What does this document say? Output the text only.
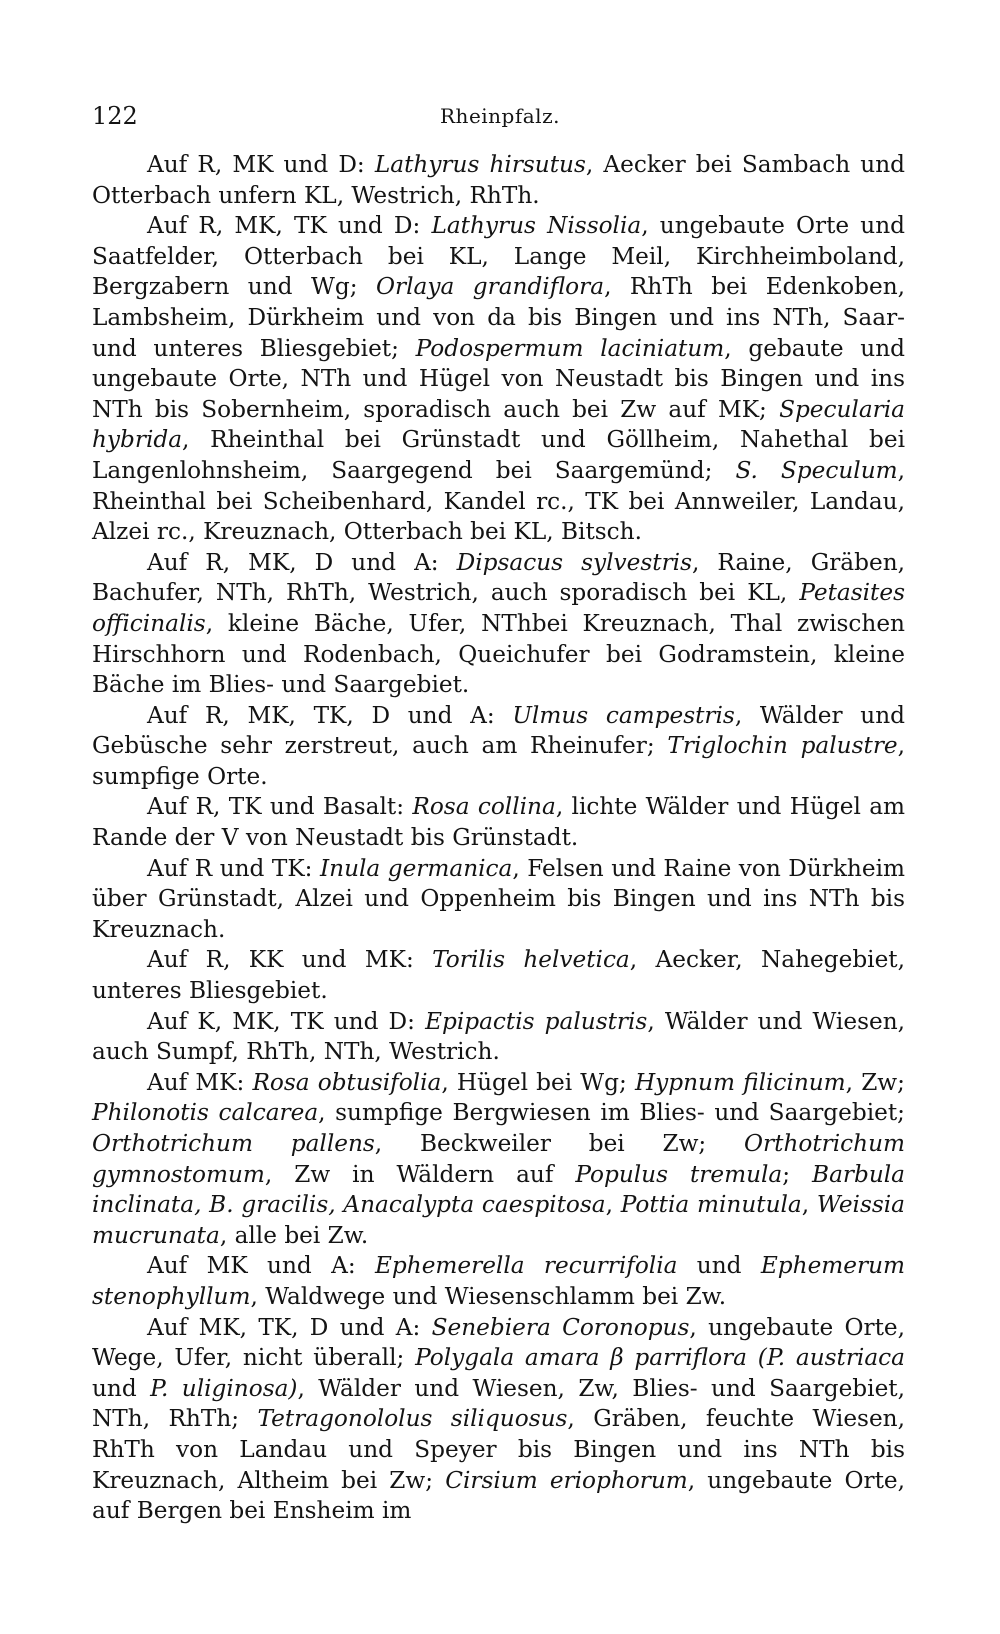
122	Rheinpfalz.

Auf R, MK und D: Lathyrus hirsutus, Aecker bei Sambach und Otterbach unfern KL, Westrich, RhTh.

Auf R, MK, TK und D: Lathyrus Nissolia, ungebaute Orte und Saatfelder, Otterbach bei KL, Lange Meil, Kirchheimboland, Bergzabern und Wg; Orlaya grandiflora, RhTh bei Edenkoben, Lambsheim, Dürkheim und von da bis Bingen und ins NTh, Saar- und unteres Bliesgebiet; Podospermum laciniatum, gebaute und ungebaute Orte, NTh und Hügel von Neustadt bis Bingen und ins NTh bis Sobernheim, sporadisch auch bei Zw auf MK; Specularia hybrida, Rheinthal bei Grünstadt und Göllheim, Nahethal bei Langenlohnsheim, Saargegend bei Saargemünd; S. Speculum, Rheinthal bei Scheibenhard, Kandel rc., TK bei Annweiler, Landau, Alzei rc., Kreuznach, Otterbach bei KL, Bitsch.

Auf R, MK, D und A: Dipsacus sylvestris, Raine, Gräben, Bachufer, NTh, RhTh, Westrich, auch sporadisch bei KL, Petasites officinalis, kleine Bäche, Ufer, NThbei Kreuznach, Thal zwischen Hirschhorn und Rodenbach, Queichufer bei Godramstein, kleine Bäche im Blies- und Saargebiet.

Auf R, MK, TK, D und A: Ulmus campestris, Wälder und Gebüsche sehr zerstreut, auch am Rheinufer; Triglochin palustre, sumpfige Orte.

Auf R, TK und Basalt: Rosa collina, lichte Wälder und Hügel am Rande der V von Neustadt bis Grünstadt.

Auf R und TK: Inula germanica, Felsen und Raine von Dürkheim über Grünstadt, Alzei und Oppenheim bis Bingen und ins NTh bis Kreuznach.

Auf R, KK und MK: Torilis helvetica, Aecker, Nahegebiet, unteres Bliesgebiet.

Auf K, MK, TK und D: Epipactis palustris, Wälder und Wiesen, auch Sumpf, RhTh, NTh, Westrich.

Auf MK: Rosa obtusifolia, Hügel bei Wg; Hypnum filicinum, Zw; Philonotis calcarea, sumpfige Bergwiesen im Blies- und Saargebiet; Orthotrichum pallens, Beckweiler bei Zw; Orthotrichum gymnostomum, Zw in Wäldern auf Populus tremula; Barbula inclinata, B. gracilis, Anacalypta caespitosa, Pottia minutula, Weissia mucrunata, alle bei Zw.

Auf MK und A: Ephemerella recurrifolia und Ephemerum stenophyllum, Waldwege und Wiesenschlamm bei Zw.

Auf MK, TK, D und A: Senebiera Coronopus, ungebaute Orte, Wege, Ufer, nicht überall; Polygala amara β parriflora (P. austriaca und P. uliginosa), Wälder und Wiesen, Zw, Blies- und Saargebiet, NTh, RhTh; Tetragonololus siliquosus, Gräben, feuchte Wiesen, RhTh von Landau und Speyer bis Bingen und ins NTh bis Kreuznach, Altheim bei Zw; Cirsium eriophorum, ungebaute Orte, auf Bergen bei Ensheim im
